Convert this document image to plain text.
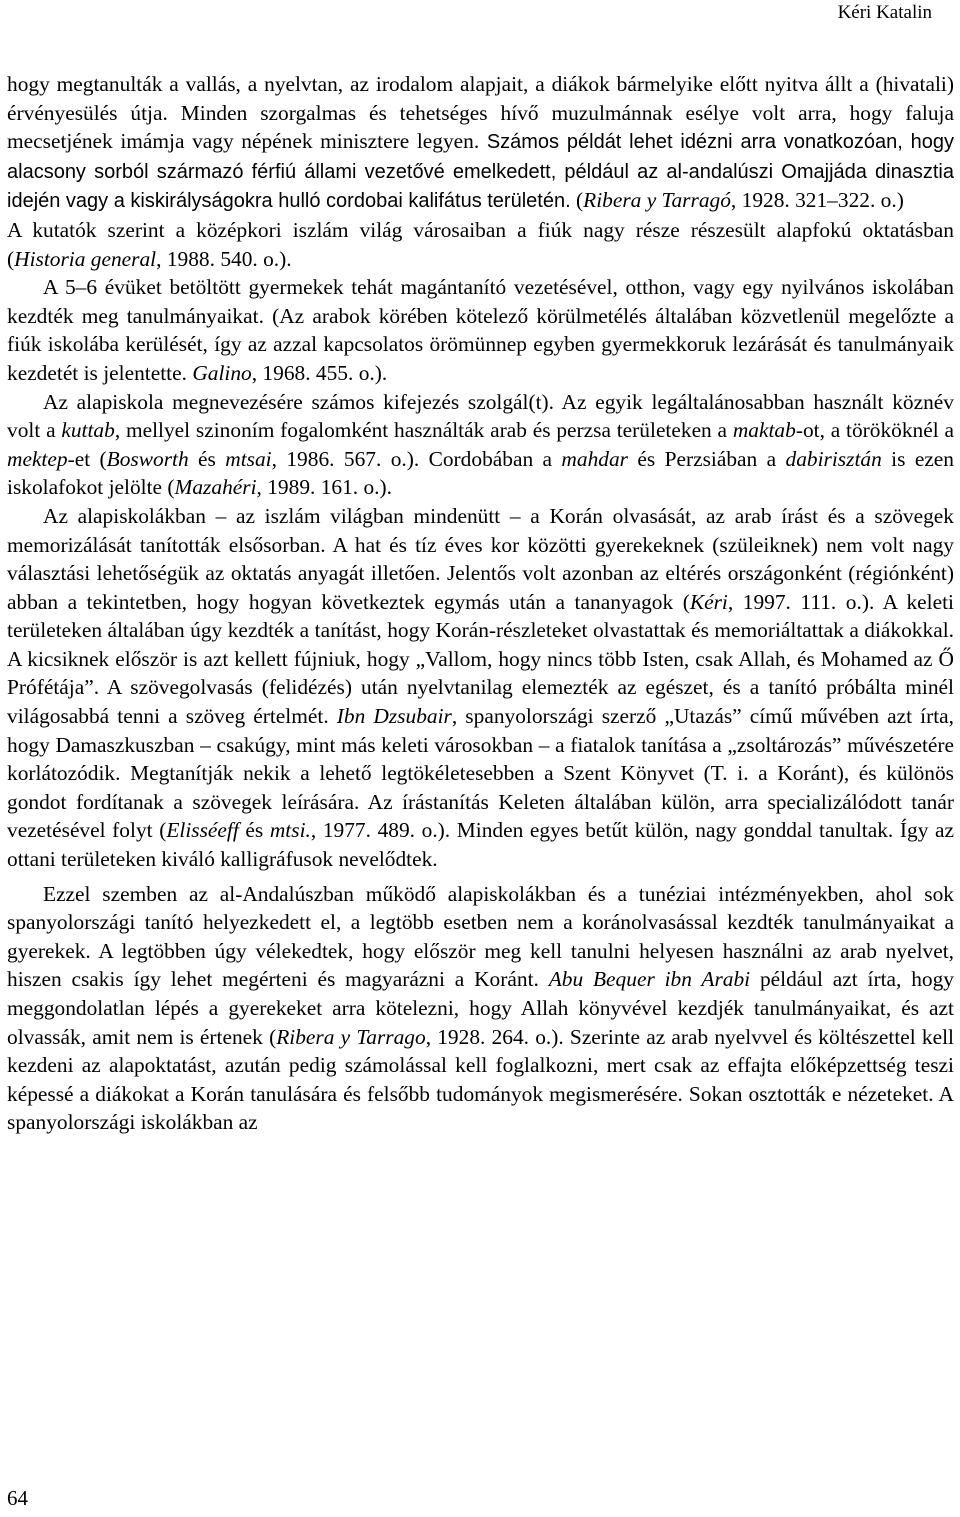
Kéri Katalin

hogy megtanulták a vallás, a nyelvtan, az irodalom alapjait, a diákok bármelyike előtt nyitva állt a (hivatali) érvényesülés útja. Minden szorgalmas és tehetséges hívő muzulmánnak esélye volt arra, hogy faluja mecsetjének imámja vagy népének minisztere legyen. Számos példát lehet idézni arra vonatkozóan, hogy alacsony sorból származó férfiú állami vezetővé emelkedett, például az al-andalúszi Omajjáda dinasztia idején vagy a kiskirályságokra hulló cordobai kalifátus területén. (Ribera y Tarragó, 1928. 321–322. o.)

A kutatók szerint a középkori iszlám világ városaiban a fiúk nagy része részesült alapfokú oktatásban (Historia general, 1988. 540. o.).

A 5–6 évüket betöltött gyermekek tehát magántanító vezetésével, otthon, vagy egy nyilvános iskolában kezdték meg tanulmányaikat. (Az arabok körében kötelező körülmetélés általában közvetlenül megelőzte a fiúk iskolába kerülését, így az azzal kapcsolatos örömünnep egyben gyermekkoruk lezárását és tanulmányaik kezdetét is jelentette. Galino, 1968. 455. o.).

Az alapiskola megnevezésére számos kifejezés szolgál(t). Az egyik legáltalánosabban használt köznév volt a kuttab, mellyel szinoním fogalomként használták arab és perzsa területeken a maktab-ot, a törököknél a mektep-et (Bosworth és mtsai, 1986. 567. o.). Cordobában a mahdar és Perzsiában a dabirisztán is ezen iskolafokot jelölte (Mazahéri, 1989. 161. o.).

Az alapiskolákban – az iszlám világban mindenütt – a Korán olvasását, az arab írást és a szövegek memorizálását tanították elsősorban. A hat és tíz éves kor közötti gyerekeknek (szüleiknek) nem volt nagy választási lehetőségük az oktatás anyagát illetően. Jelentős volt azonban az eltérés országonként (régiónként) abban a tekintetben, hogy hogyan következtek egymás után a tananyagok (Kéri, 1997. 111. o.). A keleti területeken általában úgy kezdték a tanítást, hogy Korán-részleteket olvastattak és memoriáltattak a diákokkal. A kicsiknek először is azt kellett fújniuk, hogy „Vallom, hogy nincs több Isten, csak Allah, és Mohamed az Ő Prófétája”. A szövegolvasás (felidézés) után nyelvtanilag elemezték az egészet, és a tanító próbálta minél világosabbá tenni a szöveg értelmét. Ibn Dzsubair, spanyolországi szerző „Utazás” című művében azt írta, hogy Damaszkuszban – csakúgy, mint más keleti városokban – a fiatalok tanítása a „zsoltározás” művészetére korlátozódik. Megtanítják nekik a lehető legtökéletesebben a Szent Könyvet (T. i. a Koránt), és különös gondot fordítanak a szövegek leírására. Az írástanítás Keleten általában külön, arra specializálódott tanár vezetésével folyt (Elisséeff és mtsi., 1977. 489. o.). Minden egyes betűt külön, nagy gonddal tanultak. Így az ottani területeken kiváló kalligráfusok nevelődtek.

Ezzel szemben az al-Andalúszban működő alapiskolákban és a tunéziai intézményekben, ahol sok spanyolországi tanító helyezkedett el, a legtöbb esetben nem a koránolvasással kezdték tanulmányaikat a gyerekek. A legtöbben úgy vélekedtek, hogy először meg kell tanulni helyesen használni az arab nyelvet, hiszen csakis így lehet megérteni és magyarázni a Koránt. Abu Bequer ibn Arabi például azt írta, hogy meggondolatlan lépés a gyerekeket arra kötelezni, hogy Allah könyvével kezdjék tanulmányaikat, és azt olvassák, amit nem is értenek (Ribera y Tarrago, 1928. 264. o.). Szerinte az arab nyelvvel és költészettel kell kezdeni az alapoktatást, azután pedig számolással kell foglalkozni, mert csak az effajta előképzettség teszi képessé a diákokat a Korán tanulására és felsőbb tudományok megismerésére. Sokan osztották e nézeteket. A spanyolországi iskolákban az

64
